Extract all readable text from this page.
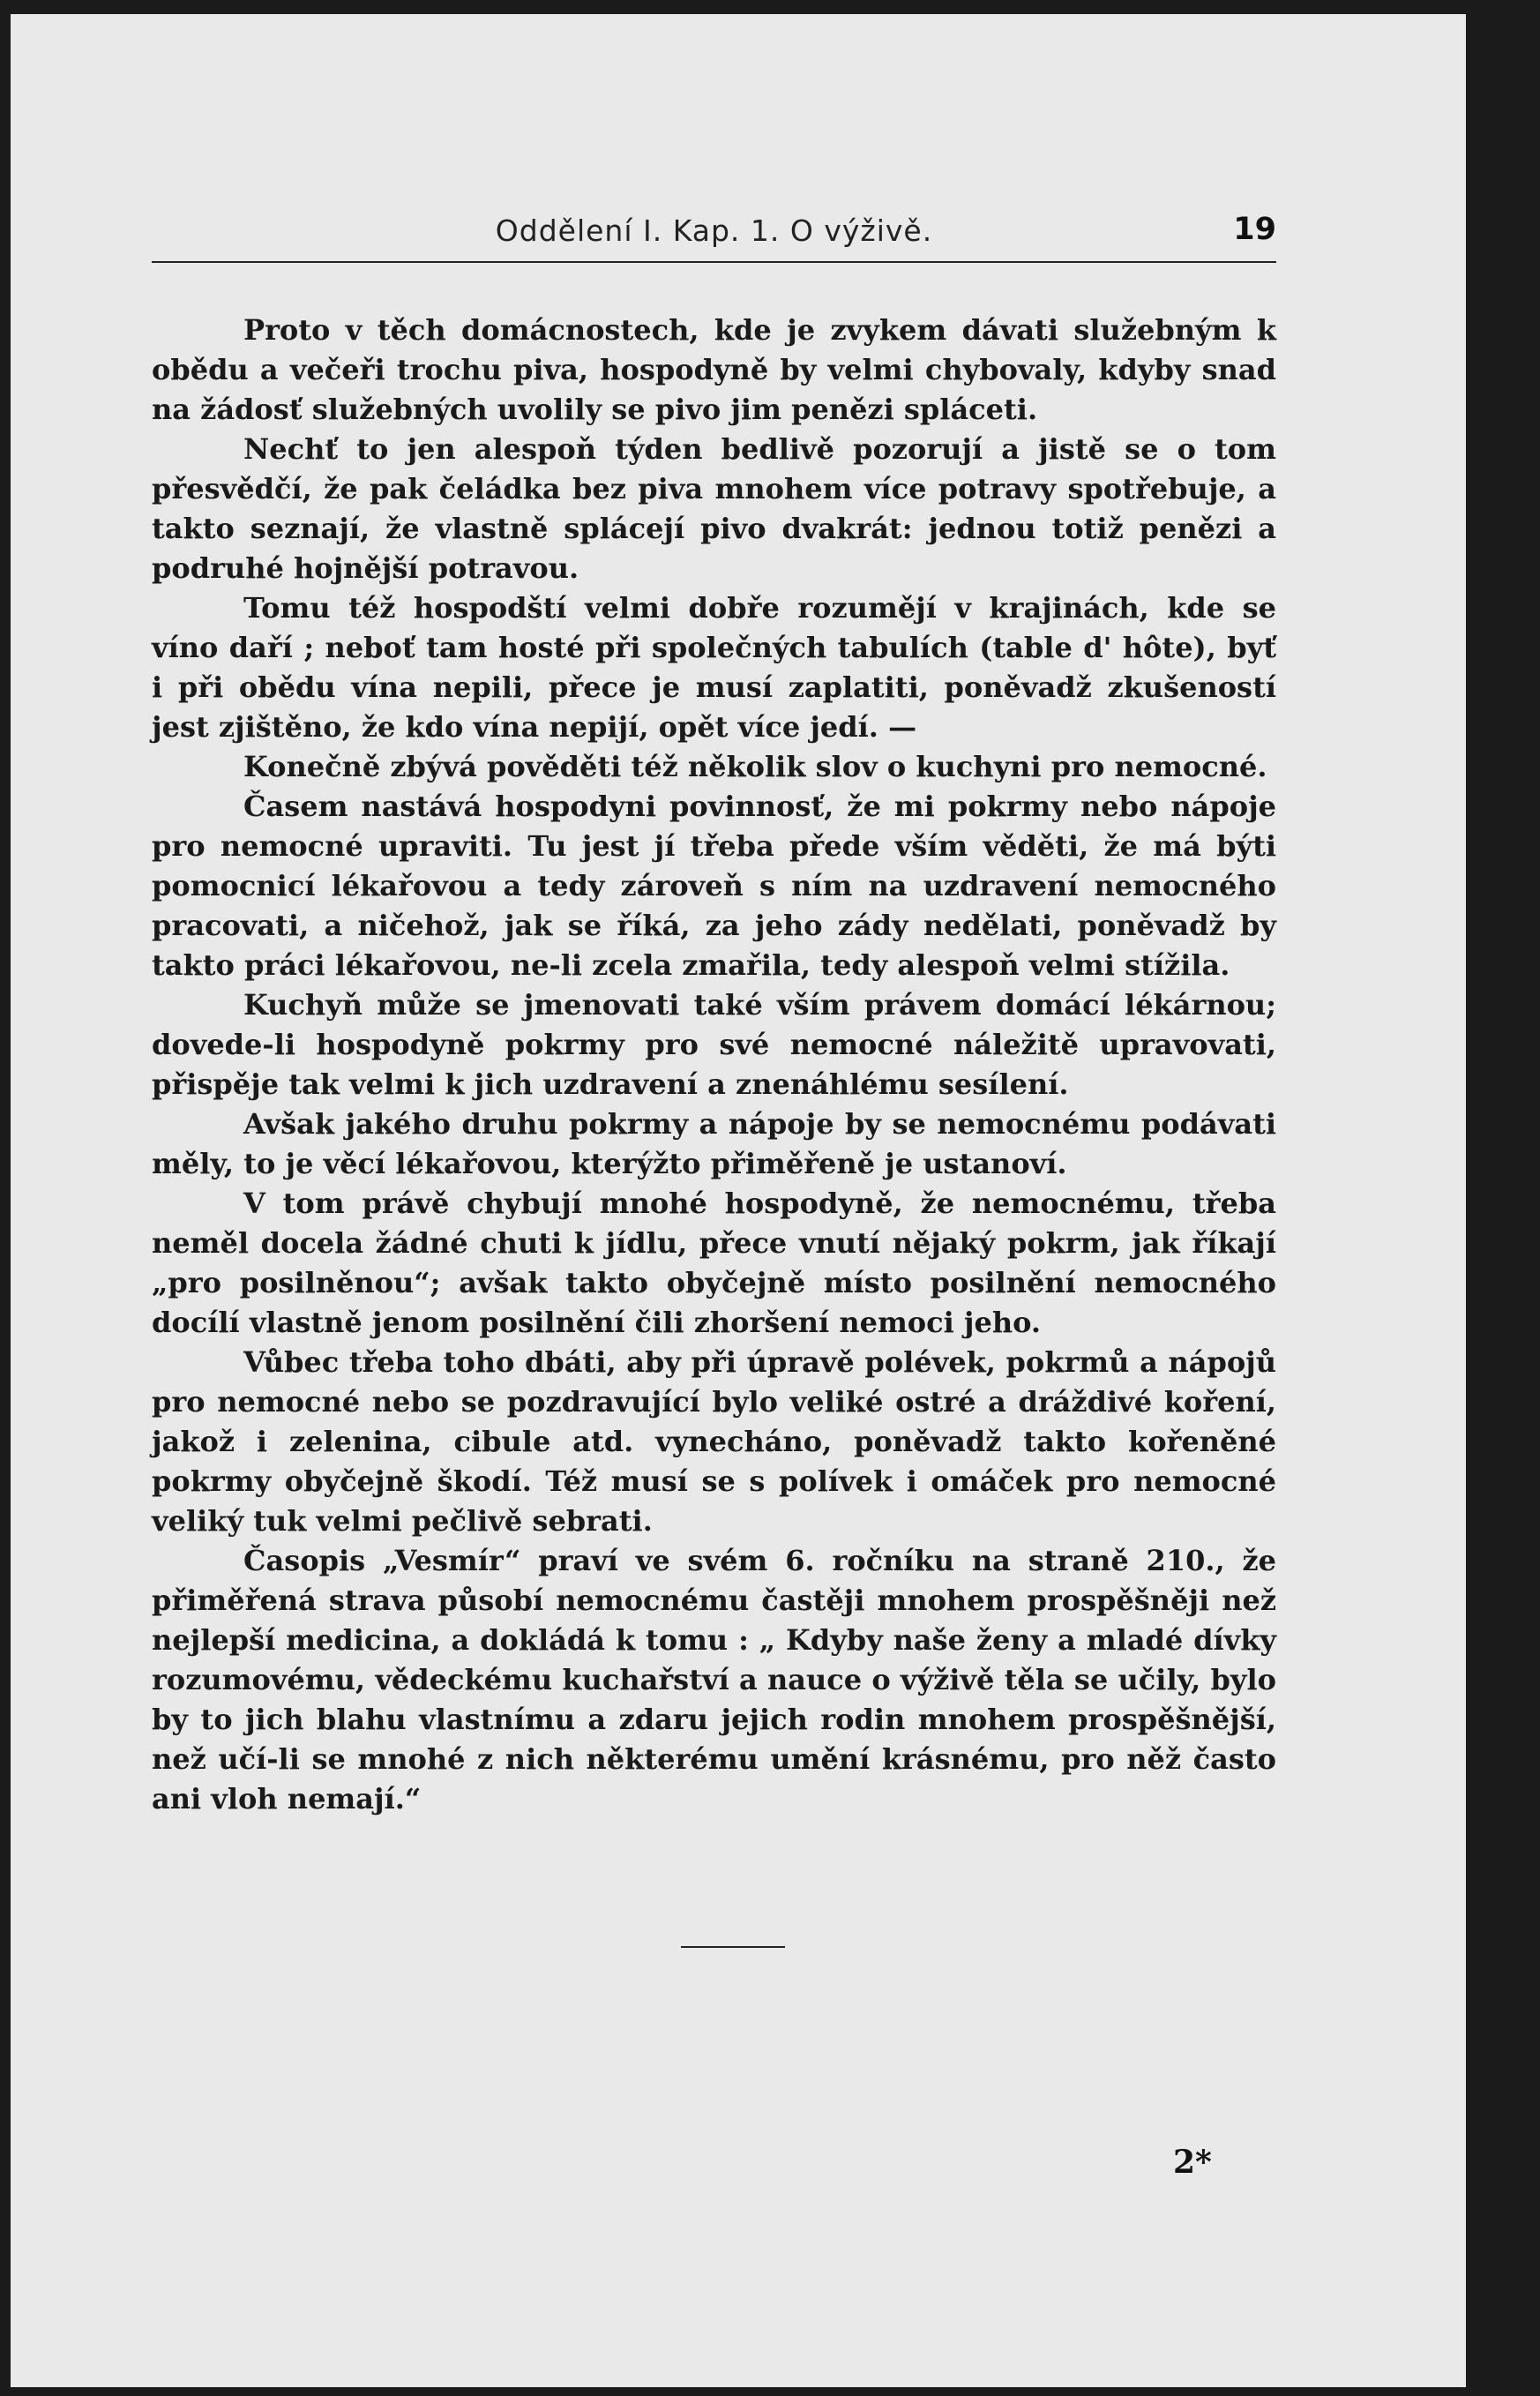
Oddělení I. Kap. 1. O výživě.	19

Proto v těch domácnostech, kde je zvykem dávati služebným k obědu a večeři trochu piva, hospodyně by velmi chybovaly, kdyby snad na žádosť služebných uvolily se pivo jim penězi spláceti.

Nechť to jen alespoň týden bedlivě pozorují a jistě se o tom přesvědčí, že pak čeládka bez piva mnohem více potravy spotřebuje, a takto seznají, že vlastně splácejí pivo dvakrát: jednou totiž penězi a podruhé hojnější potravou.

Tomu též hospodští velmi dobře rozumějí v krajinách, kde se víno daří ; neboť tam hosté při společných tabulích (table d' hôte), byť i při obědu vína nepili, přece je musí zaplatiti, poněvadž zkušeností jest zjištěno, že kdo vína nepijí, opět více jedí. —

Konečně zbývá pověděti též několik slov o kuchyni pro nemocné.

Časem nastává hospodyni povinnosť, že mi pokrmy nebo nápoje pro nemocné upraviti. Tu jest jí třeba přede vším věděti, že má býti pomocnicí lékařovou a tedy zároveň s ním na uzdravení nemocného pracovati, a ničehož, jak se říká, za jeho zády nedělati, poněvadž by takto práci lékařovou, ne-li zcela zmařila, tedy alespoň velmi stížila.

Kuchyň může se jmenovati také vším právem domácí lékárnou; dovede-li hospodyně pokrmy pro své nemocné náležitě upravovati, přispěje tak velmi k jich uzdravení a znenáhlému sesílení.

Avšak jakého druhu pokrmy a nápoje by se nemocnému podávati měly, to je věcí lékařovou, kterýžto přiměřeně je ustanoví.

V tom právě chybují mnohé hospodyně, že nemocnému, třeba neměl docela žádné chuti k jídlu, přece vnutí nějaký pokrm, jak říkají „pro posilněnou“; avšak takto obyčejně místo posilnění nemocného docílí vlastně jenom posilnění čili zhoršení nemoci jeho.

Vůbec třeba toho dbáti, aby při úpravě polévek, pokrmů a nápojů pro nemocné nebo se pozdravující bylo veliké ostré a dráždivé koření, jakož i zelenina, cibule atd. vynecháno, poněvadž takto kořeněné pokrmy obyčejně škodí. Též musí se s polívek i omáček pro nemocné veliký tuk velmi pečlivě sebrati.

Časopis „Vesmír“ praví ve svém 6. ročníku na straně 210., že přiměřená strava působí nemocnému častěji mnohem prospěšněji než nejlepší medicina, a dokládá k tomu : „ Kdyby naše ženy a mladé dívky rozumovému, vědeckému kuchařství a nauce o výživě těla se učily, bylo by to jich blahu vlastnímu a zdaru jejich rodin mnohem prospěšnější, než učí-li se mnohé z nich některému umění krásnému, pro něž často ani vloh nemají.“

2*
